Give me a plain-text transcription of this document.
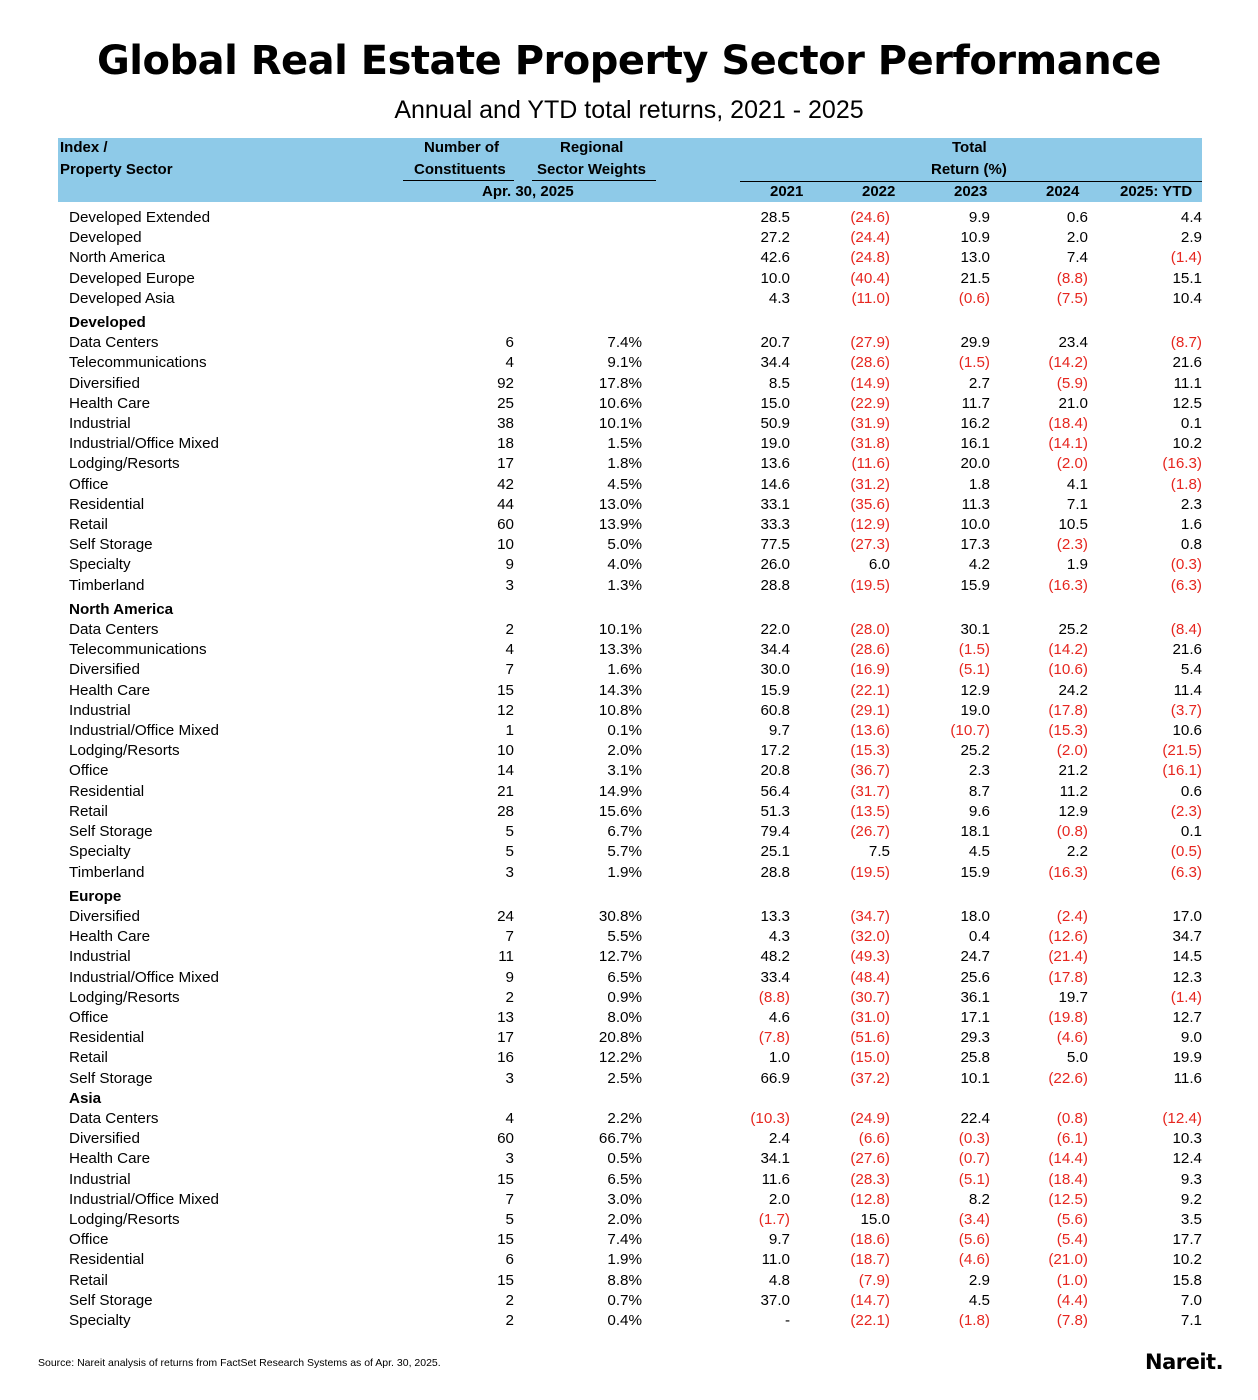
Global Real Estate Property Sector Performance
Annual and YTD total returns, 2021 - 2025
Index /
Property Sector
Number of
Constituents
Regional
Sector Weights
Apr. 30, 2025
Total
Return (%)
2021	2022	2023	2024	2025: YTD
Developed Extended			28.5	(24.6)	9.9	0.6	4.4
Developed			27.2	(24.4)	10.9	2.0	2.9
North America			42.6	(24.8)	13.0	7.4	(1.4)
Developed Europe			10.0	(40.4)	21.5	(8.8)	15.1
Developed Asia			4.3	(11.0)	(0.6)	(7.5)	10.4

Developed							
Data Centers	6	7.4%	20.7	(27.9)	29.9	23.4	(8.7)
Telecommunications	4	9.1%	34.4	(28.6)	(1.5)	(14.2)	21.6
Diversified	92	17.8%	8.5	(14.9)	2.7	(5.9)	11.1
Health Care	25	10.6%	15.0	(22.9)	11.7	21.0	12.5
Industrial	38	10.1%	50.9	(31.9)	16.2	(18.4)	0.1
Industrial/Office Mixed	18	1.5%	19.0	(31.8)	16.1	(14.1)	10.2
Lodging/Resorts	17	1.8%	13.6	(11.6)	20.0	(2.0)	(16.3)
Office	42	4.5%	14.6	(31.2)	1.8	4.1	(1.8)
Residential	44	13.0%	33.1	(35.6)	11.3	7.1	2.3
Retail	60	13.9%	33.3	(12.9)	10.0	10.5	1.6
Self Storage	10	5.0%	77.5	(27.3)	17.3	(2.3)	0.8
Specialty	9	4.0%	26.0	6.0	4.2	1.9	(0.3)
Timberland	3	1.3%	28.8	(19.5)	15.9	(16.3)	(6.3)

North America							
Data Centers	2	10.1%	22.0	(28.0)	30.1	25.2	(8.4)
Telecommunications	4	13.3%	34.4	(28.6)	(1.5)	(14.2)	21.6
Diversified	7	1.6%	30.0	(16.9)	(5.1)	(10.6)	5.4
Health Care	15	14.3%	15.9	(22.1)	12.9	24.2	11.4
Industrial	12	10.8%	60.8	(29.1)	19.0	(17.8)	(3.7)
Industrial/Office Mixed	1	0.1%	9.7	(13.6)	(10.7)	(15.3)	10.6
Lodging/Resorts	10	2.0%	17.2	(15.3)	25.2	(2.0)	(21.5)
Office	14	3.1%	20.8	(36.7)	2.3	21.2	(16.1)
Residential	21	14.9%	56.4	(31.7)	8.7	11.2	0.6
Retail	28	15.6%	51.3	(13.5)	9.6	12.9	(2.3)
Self Storage	5	6.7%	79.4	(26.7)	18.1	(0.8)	0.1
Specialty	5	5.7%	25.1	7.5	4.5	2.2	(0.5)
Timberland	3	1.9%	28.8	(19.5)	15.9	(16.3)	(6.3)

Europe							
Diversified	24	30.8%	13.3	(34.7)	18.0	(2.4)	17.0
Health Care	7	5.5%	4.3	(32.0)	0.4	(12.6)	34.7
Industrial	11	12.7%	48.2	(49.3)	24.7	(21.4)	14.5
Industrial/Office Mixed	9	6.5%	33.4	(48.4)	25.6	(17.8)	12.3
Lodging/Resorts	2	0.9%	(8.8)	(30.7)	36.1	19.7	(1.4)
Office	13	8.0%	4.6	(31.0)	17.1	(19.8)	12.7
Residential	17	20.8%	(7.8)	(51.6)	29.3	(4.6)	9.0
Retail	16	12.2%	1.0	(15.0)	25.8	5.0	19.9
Self Storage	3	2.5%	66.9	(37.2)	10.1	(22.6)	11.6
Asia							
Data Centers	4	2.2%	(10.3)	(24.9)	22.4	(0.8)	(12.4)
Diversified	60	66.7%	2.4	(6.6)	(0.3)	(6.1)	10.3
Health Care	3	0.5%	34.1	(27.6)	(0.7)	(14.4)	12.4
Industrial	15	6.5%	11.6	(28.3)	(5.1)	(18.4)	9.3
Industrial/Office Mixed	7	3.0%	2.0	(12.8)	8.2	(12.5)	9.2
Lodging/Resorts	5	2.0%	(1.7)	15.0	(3.4)	(5.6)	3.5
Office	15	7.4%	9.7	(18.6)	(5.6)	(5.4)	17.7
Residential	6	1.9%	11.0	(18.7)	(4.6)	(21.0)	10.2
Retail	15	8.8%	4.8	(7.9)	2.9	(1.0)	15.8
Self Storage	2	0.7%	37.0	(14.7)	4.5	(4.4)	7.0
Specialty	2	0.4%	-	(22.1)	(1.8)	(7.8)	7.1
Source: Nareit analysis of returns from FactSet Research Systems as of Apr. 30, 2025.	Nareit.
